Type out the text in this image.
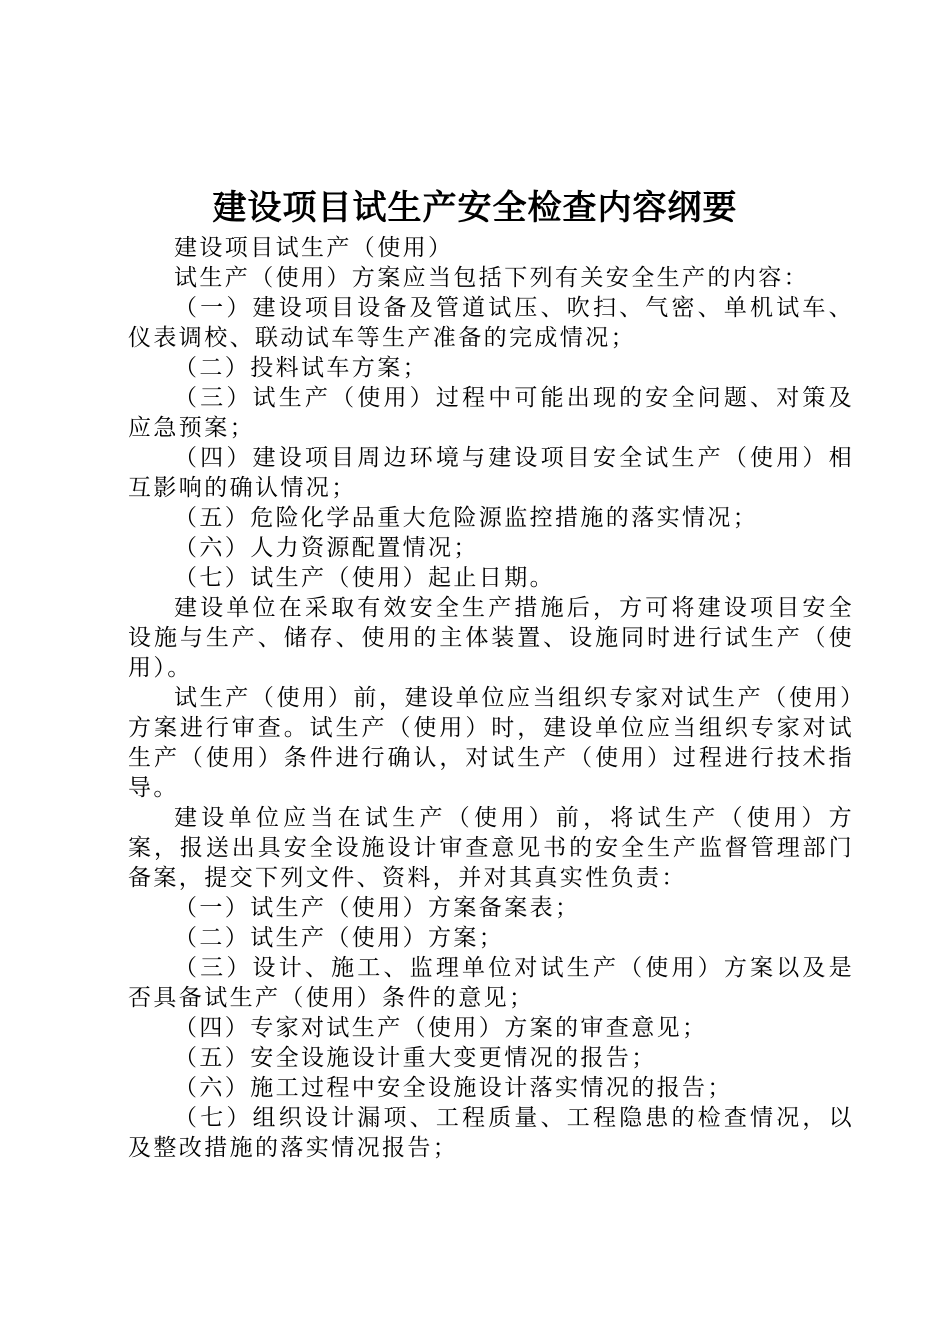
建设项目试生产安全检查内容纲要

建设项目试生产（使用）

试生产（使用）方案应当包括下列有关安全生产的内容：

（一）建设项目设备及管道试压、吹扫、气密、单机试车、仪表调校、联动试车等生产准备的完成情况；

（二）投料试车方案；

（三）试生产（使用）过程中可能出现的安全问题、对策及应急预案；

（四）建设项目周边环境与建设项目安全试生产（使用）相互影响的确认情况；

（五）危险化学品重大危险源监控措施的落实情况；

（六）人力资源配置情况；

（七）试生产（使用）起止日期。

建设单位在采取有效安全生产措施后，方可将建设项目安全设施与生产、储存、使用的主体装置、设施同时进行试生产（使用）。

试生产（使用）前，建设单位应当组织专家对试生产（使用）方案进行审查。试生产（使用）时，建设单位应当组织专家对试生产（使用）条件进行确认，对试生产（使用）过程进行技术指导。

建设单位应当在试生产（使用）前，将试生产（使用）方案，报送出具安全设施设计审查意见书的安全生产监督管理部门备案，提交下列文件、资料，并对其真实性负责：

（一）试生产（使用）方案备案表；

（二）试生产（使用）方案；

（三）设计、施工、监理单位对试生产（使用）方案以及是否具备试生产（使用）条件的意见；

（四）专家对试生产（使用）方案的审查意见；

（五）安全设施设计重大变更情况的报告；

（六）施工过程中安全设施设计落实情况的报告；

（七）组织设计漏项、工程质量、工程隐患的检查情况，以及整改措施的落实情况报告；
